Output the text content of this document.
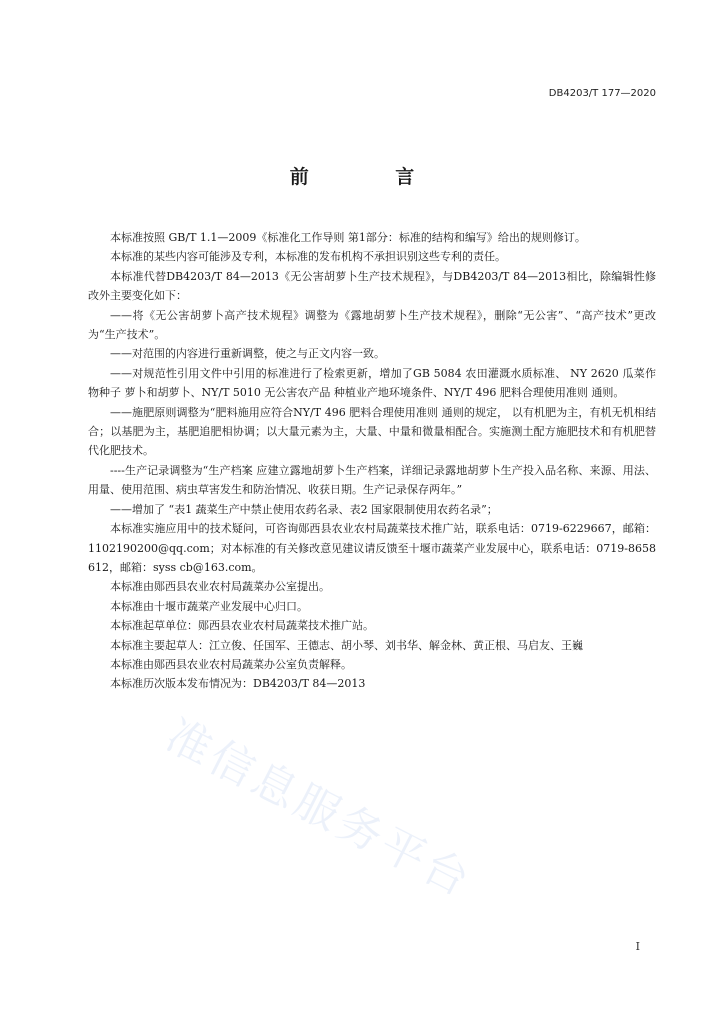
DB4203/T 177—2020
前 言

本标准按照 GB/T 1.1—2009《标准化工作导则 第1部分：标准的结构和编写》给出的规则修订。

本标准的某些内容可能涉及专利，本标准的发布机构不承担识别这些专利的责任。

本标准代替DB4203/T 84—2013《无公害胡萝卜生产技术规程》，与DB4203/T 84—2013相比，除编辑性修改外主要变化如下：

——将《无公害胡萝卜高产技术规程》调整为《露地胡萝卜生产技术规程》，删除“无公害”、“高产技术”更改为“生产技术”。

——对范围的内容进行重新调整，使之与正文内容一致。

——对规范性引用文件中引用的标准进行了检索更新，增加了GB 5084 农田灌溉水质标准、 NY 2620 瓜菜作物种子 萝卜和胡萝卜、NY/T 5010 无公害农产品 种植业产地环境条件、NY/T 496 肥料合理使用准则 通则。

——施肥原则调整为“肥料施用应符合NY/T 496 肥料合理使用准则 通则的规定， 以有机肥为主，有机无机相结合；以基肥为主，基肥追肥相协调；以大量元素为主，大量、中量和微量相配合。实施测土配方施肥技术和有机肥替代化肥技术。

----生产记录调整为“生产档案 应建立露地胡萝卜生产档案，详细记录露地胡萝卜生产投入品名称、来源、用法、用量、使用范围、病虫草害发生和防治情况、收获日期。生产记录保存两年。”

——增加了 “表1 蔬菜生产中禁止使用农药名录、表2 国家限制使用农药名录”；

本标准实施应用中的技术疑问，可咨询郧西县农业农村局蔬菜技术推广站，联系电话：0719-6229667，邮箱：1102190200@qq.com；对本标准的有关修改意见建议请反馈至十堰市蔬菜产业发展中心，联系电话：0719-8658612，邮箱：syss cb@163.com。

本标准由郧西县农业农村局蔬菜办公室提出。

本标准由十堰市蔬菜产业发展中心归口。

本标准起草单位：郧西县农业农村局蔬菜技术推广站。

本标准主要起草人：江立俊、任国军、王德志、胡小琴、刘书华、解金林、黄正根、马启友、王巍

本标准由郧西县农业农村局蔬菜办公室负责解释。

本标准历次版本发布情况为：DB4203/T 84—2013

准信息服务平台
I
